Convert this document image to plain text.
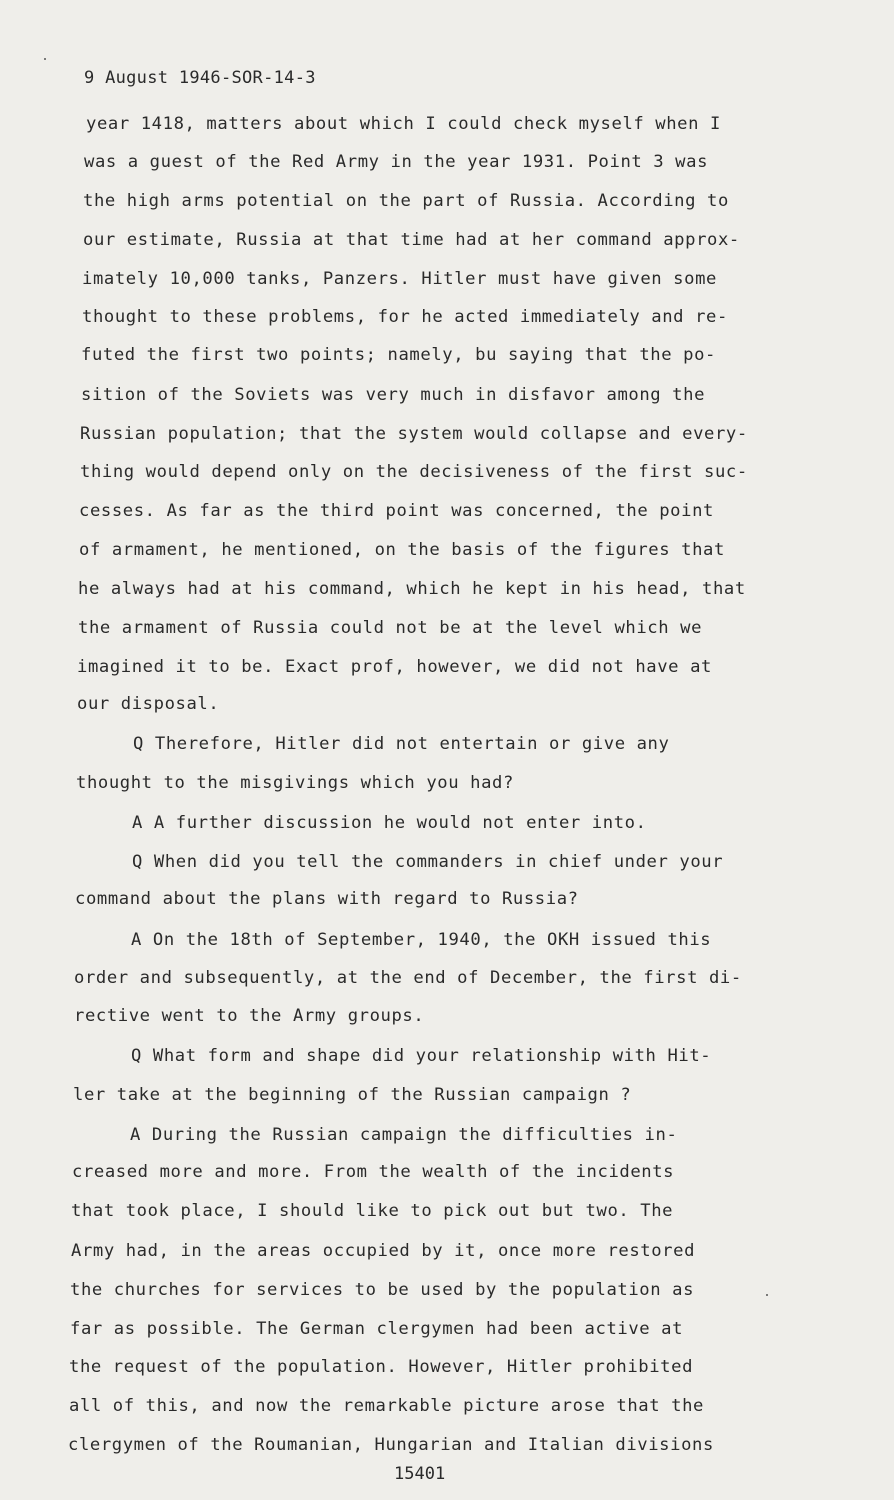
9 August 1946-SOR-14-3
year 1418, matters about which I could check myself when I
was a guest of the Red Army in the year 1931. Point 3 was
the high arms potential on the part of Russia. According to
our estimate, Russia at that time had at her command approx-
imately 10,000 tanks, Panzers. Hitler must have given some
thought to these problems, for he acted immediately and re-
futed the first two points; namely, bu saying that the po-
sition of the Soviets was very much in disfavor among the
Russian population; that the system would collapse and every-
thing would depend only on the decisiveness of the first suc-
cesses. As far as the third point was concerned, the point
of armament, he mentioned, on the basis of the figures that
he always had at his command, which he kept in his head, that
the armament of Russia could not be at the level which we
imagined it to be. Exact prof, however, we did not have at
our disposal.
Q Therefore, Hitler did not entertain or give any
thought to the misgivings which you had?
A A further discussion he would not enter into.
Q When did you tell the commanders in chief under your
command about the plans with regard to Russia?
A On the 18th of September, 1940, the OKH issued this
order and subsequently, at the end of December, the first di-
rective went to the Army groups.
Q What form and shape did your relationship with Hit-
ler take at the beginning of the Russian campaign ?
A During the Russian campaign the difficulties in-
creased more and more. From the wealth of the incidents
that took place, I should like to pick out but two. The
Army had, in the areas occupied by it, once more restored
the churches for services to be used by the population as
far as possible. The German clergymen had been active at
the request of the population. However, Hitler prohibited
all of this, and now the remarkable picture arose that the
clergymen of the Roumanian, Hungarian and Italian divisions
15401
